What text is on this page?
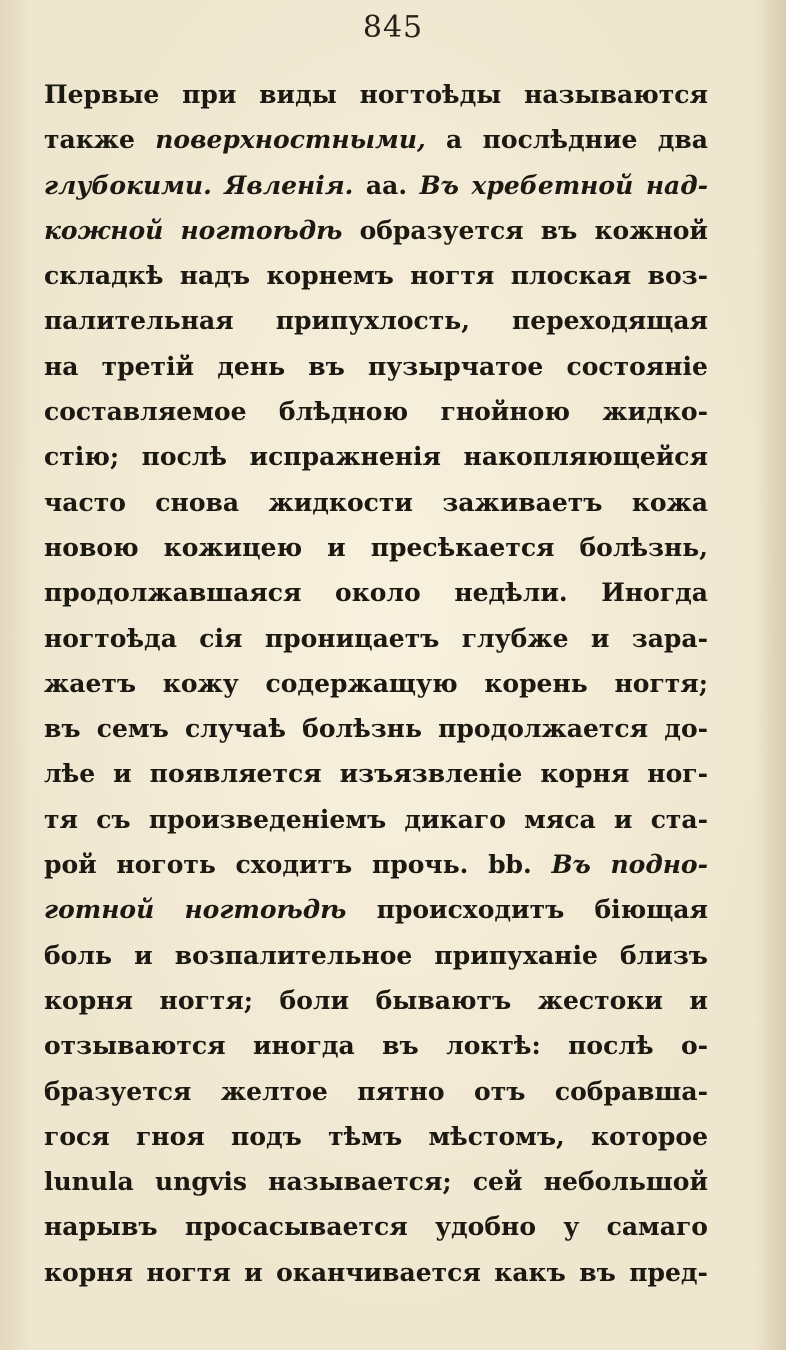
845
Первые при виды ногтоѣды называются
также поверхностными, а послѣдние два
глубокими. Явленія. аа. Въ хребетной над-
кожной ногтоѣдѣ образуется въ кожной
складкѣ надъ корнемъ ногтя плоская воз-
палительная припухлость, переходящая
на третій день въ пузырчатое состояніе
составляемое блѣдною гнойною жидко-
стію; послѣ испражненія накопляющейся
часто снова жидкости заживаетъ кожа
новою кожицею и пресѣкается болѣзнь,
продолжавшаяся около недѣли. Иногда
ногтоѣда сія проницаетъ глубже и зара-
жаетъ кожу содержащую корень ногтя;
въ семъ случаѣ болѣзнь продолжается до-
лѣе и появляется изъязвленіе корня ног-
тя съ произведеніемъ дикаго мяса и ста-
рой ноготь сходитъ прочь. bb. Въ подно-
готной ногтоѣдѣ происходитъ біющая
боль и возпалительное припуханіе близъ
корня ногтя; боли бываютъ жестоки и
отзываются иногда въ локтѣ: послѣ о-
бразуется желтое пятно отъ собравша-
гося гноя подъ тѣмъ мѣстомъ, которое
lunula ungvis называется; сей небольшой
нарывъ просасывается удобно у самаго
корня ногтя и оканчивается какъ въ пред-
